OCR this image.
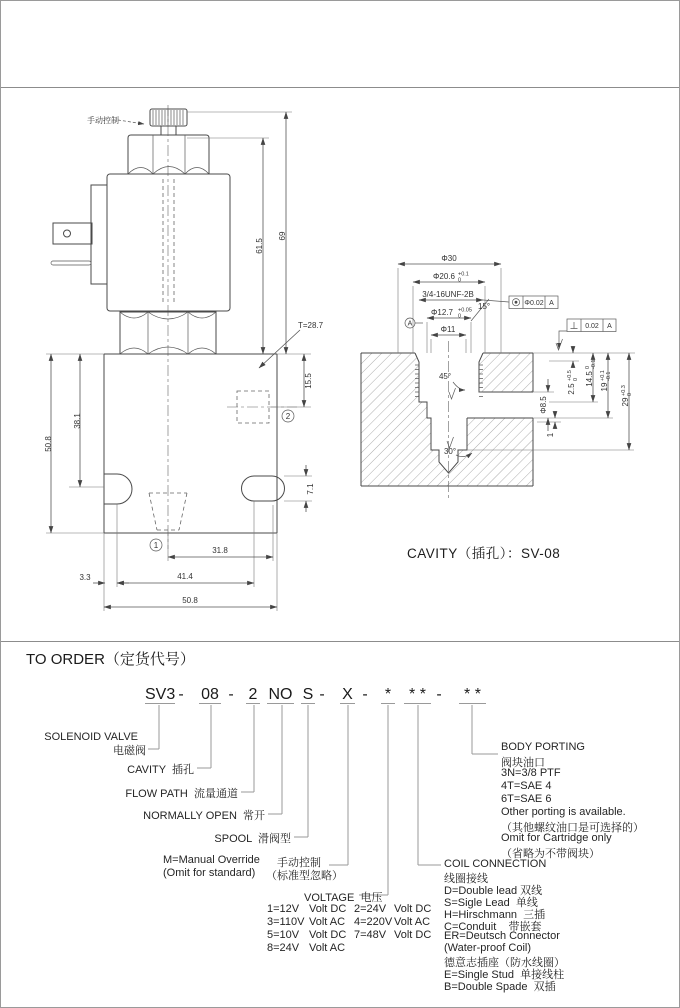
1
2
手动控制
61.5
69
T=28.7
15.5
38.1
50.8
7.1
31.8
3.3	41.4
50.8
45°
30°
15°
Φ30
Φ20.6 +0.1
0
3/4-16UNF-2B
Φ12.7 +0.05
0
Φ11
Φ8.5
2.5
+0.5 0 14.5
0 -0.1
19
+0.1 -0.1
29
+0.3 0
1
Φ0.02 A
0.02 A
A
CAVITY（插孔）：SV-08
TO ORDER（定货代号）
SV3 - 08 - 2 NO S - X - *	* * -	* *
SOLENOID VALVE
电磁阀
CAVITY  插孔
FLOW PATH  流量通道
NORMALLY OPEN  常开
SPOOL  滑阀型
M=Manual Override 手动控制
(Omit for standard) （标准型忽略）
VOLTAGE  电压
1=12V Volt DC 2=24V Volt DC
3=110V Volt AC 4=220V Volt AC
5=10V Volt DC 7=48V Volt DC
8=24V Volt AC
COIL CONNECTION
线圈接线
D=Double lead 双线
S=Sigle Lead  单线
H=Hirschmann  三插
C=Conduit    带嵌套
ER=Deutsch Connector
(Water-proof Coil)
德意志插座（防水线圈）
E=Single Stud  单接线柱
B=Double Spade  双插
BODY PORTING
阀块油口
3N=3/8 PTF
4T=SAE 4
6T=SAE 6
Other porting is available.
（其他螺纹油口是可选择的）
Omit for Cartridge only
（省略为不带阀块）
